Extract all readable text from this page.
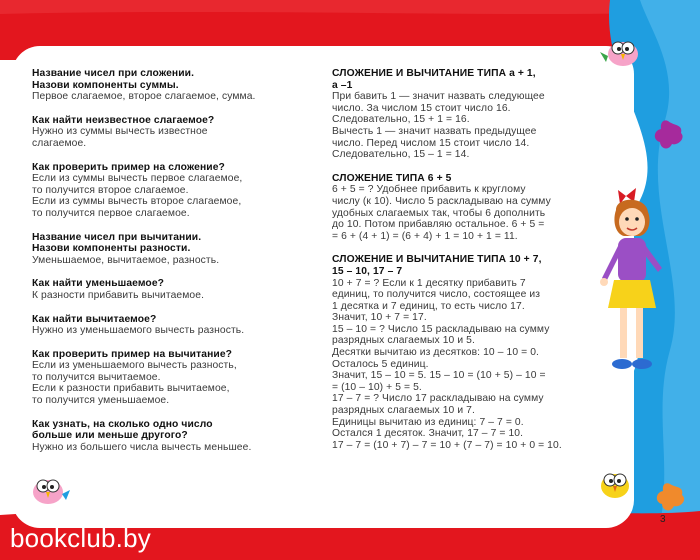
Название чисел при сложении.

Назови компоненты суммы.

Первое слагаемое, второе слагаемое, сумма.

Как найти неизвестное слагаемое?

Нужно из суммы вычесть известное

слагаемое.

Как проверить пример на сложение?

Если из суммы вычесть первое слагаемое,

то получится второе слагаемое.

Если из суммы вычесть второе слагаемое,

то получится первое слагаемое.

Название чисел при вычитании.

Назови компоненты разности.

Уменьшаемое, вычитаемое, разность.

Как найти уменьшаемое?

К разности прибавить вычитаемое.

Как найти вычитаемое?

Нужно из уменьшаемого вычесть разность.

Как проверить пример на вычитание?

Если из уменьшаемого вычесть разность,

то получится вычитаемое.

Если к разности прибавить вычитаемое,

то получится уменьшаемое.

Как узнать, на сколько одно число

больше или меньше другого?

Нужно из большего числа вычесть меньшее.

СЛОЖЕНИЕ И ВЫЧИТАНИЕ ТИПА а + 1,

а –1

При бавить 1 — значит назвать следующее

число. За числом 15 стоит число 16.

Следовательно, 15 + 1 = 16.

Вычесть 1 — значит назвать предыдущее

число. Перед числом 15 стоит число 14.

Следовательно, 15 – 1 = 14.

СЛОЖЕНИЕ ТИПА 6 + 5

6 + 5 = ? Удобнее прибавить к круглому

числу (к 10). Число 5 раскладываю на сумму

удобных слагаемых так, чтобы 6 дополнить

до 10. Потом прибавляю остальное. 6 + 5 =

= 6 + (4 + 1) = (6 + 4) + 1 = 10 + 1 = 11.

СЛОЖЕНИЕ И ВЫЧИТАНИЕ ТИПА 10 + 7,

15 – 10, 17 – 7

10 + 7 = ? Если к 1 десятку прибавить 7

единиц, то получится число, состоящее из

1 десятка и 7 единиц, то есть число 17.

Значит, 10 + 7 = 17.

15 – 10 = ? Число 15 раскладываю на сумму

разрядных слагаемых 10 и 5.

Десятки вычитаю из десятков: 10 – 10 = 0.

Осталось 5 единиц.

Значит, 15 – 10 = 5. 15 – 10 = (10 + 5) – 10 =

= (10 – 10) + 5 = 5.

17 – 7 = ? Число 17 раскладываю на сумму

разрядных слагаемых 10 и 7.

Единицы вычитаю из единиц: 7 – 7 = 0.

Остался 1 десяток. Значит, 17 – 7 = 10.

17 – 7 = (10 + 7) – 7 = 10 + (7 – 7) = 10 + 0 = 10.

3
bookclub.by
